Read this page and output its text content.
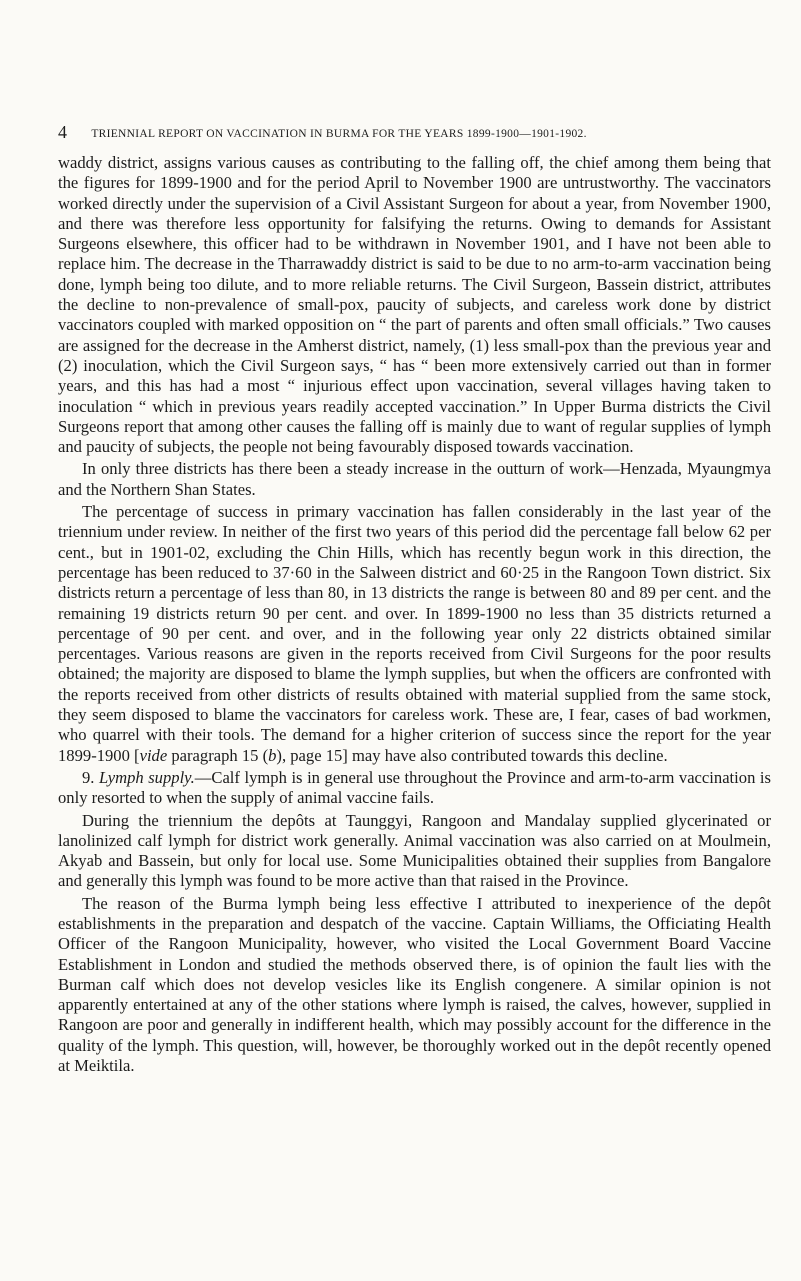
4 TRIENNIAL REPORT ON VACCINATION IN BURMA FOR THE YEARS 1899-1900—1901-1902.

waddy district, assigns various causes as contributing to the falling off, the chief among them being that the figures for 1899-1900 and for the period April to November 1900 are untrustworthy. The vaccinators worked directly under the supervision of a Civil Assistant Surgeon for about a year, from November 1900, and there was therefore less opportunity for falsifying the returns. Owing to demands for Assistant Surgeons elsewhere, this officer had to be withdrawn in November 1901, and I have not been able to replace him. The decrease in the Tharrawaddy district is said to be due to no arm-to-arm vaccination being done, lymph being too dilute, and to more reliable returns. The Civil Surgeon, Bassein district, attributes the decline to non-prevalence of small-pox, paucity of subjects, and careless work done by district vaccinators coupled with marked opposition on “ the part of parents and often small officials.” Two causes are assigned for the decrease in the Amherst district, namely, (1) less small-pox than the previous year and (2) inoculation, which the Civil Surgeon says, “ has “ been more extensively carried out than in former years, and this has had a most “ injurious effect upon vaccination, several villages having taken to inoculation “ which in previous years readily accepted vaccination.” In Upper Burma districts the Civil Surgeons report that among other causes the falling off is mainly due to want of regular supplies of lymph and paucity of subjects, the people not being favourably disposed towards vaccination.

In only three districts has there been a steady increase in the outturn of work—Henzada, Myaungmya and the Northern Shan States.

The percentage of success in primary vaccination has fallen considerably in the last year of the triennium under review. In neither of the first two years of this period did the percentage fall below 62 per cent., but in 1901-02, excluding the Chin Hills, which has recently begun work in this direction, the percentage has been reduced to 37·60 in the Salween district and 60·25 in the Rangoon Town district. Six districts return a percentage of less than 80, in 13 districts the range is between 80 and 89 per cent. and the remaining 19 districts return 90 per cent. and over. In 1899-1900 no less than 35 districts returned a percentage of 90 per cent. and over, and in the following year only 22 districts obtained similar percentages. Various reasons are given in the reports received from Civil Surgeons for the poor results obtained; the majority are disposed to blame the lymph supplies, but when the officers are confronted with the reports received from other districts of results obtained with material supplied from the same stock, they seem disposed to blame the vaccinators for careless work. These are, I fear, cases of bad workmen, who quarrel with their tools. The demand for a higher criterion of success since the report for the year 1899-1900 [vide paragraph 15 (b), page 15] may have also contributed towards this decline.

9. Lymph supply.—Calf lymph is in general use throughout the Province and arm-to-arm vaccination is only resorted to when the supply of animal vaccine fails.

During the triennium the depôts at Taunggyi, Rangoon and Mandalay supplied glycerinated or lanolinized calf lymph for district work generally. Animal vaccination was also carried on at Moulmein, Akyab and Bassein, but only for local use. Some Municipalities obtained their supplies from Bangalore and generally this lymph was found to be more active than that raised in the Province.

The reason of the Burma lymph being less effective I attributed to inexperience of the depôt establishments in the preparation and despatch of the vaccine. Captain Williams, the Officiating Health Officer of the Rangoon Municipality, however, who visited the Local Government Board Vaccine Establishment in London and studied the methods observed there, is of opinion the fault lies with the Burman calf which does not develop vesicles like its English congenere. A similar opinion is not apparently entertained at any of the other stations where lymph is raised, the calves, however, supplied in Rangoon are poor and generally in indifferent health, which may possibly account for the difference in the quality of the lymph. This question, will, however, be thoroughly worked out in the depôt recently opened at Meiktila.
